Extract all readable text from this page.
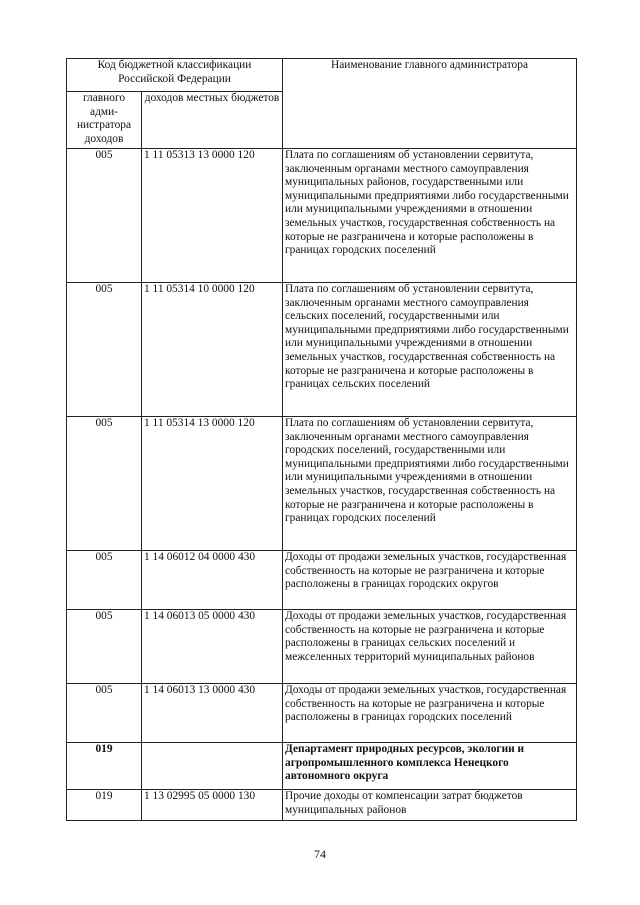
Код бюджетной классификации Российской Федерации		Наименование главного администратора
главного адми-нистратора доходов	доходов местных бюджетов	
005	1 11 05313 13 0000 120	Плата по соглашениям об установлении сервитута, заключенным органами местного самоуправления муниципальных районов, государственными или муниципальными предприятиями либо государственными или муниципальными учреждениями в отношении земельных участков, государственная собственность на которые не разграничена и которые расположены в границах городских поселений
005	1 11 05314 10 0000 120	Плата по соглашениям об установлении сервитута, заключенным органами местного самоуправления сельских поселений, государственными или муниципальными предприятиями либо государственными или муниципальными учреждениями в отношении земельных участков, государственная собственность на которые не разграничена и которые расположены в границах сельских поселений
005	1 11 05314 13 0000 120	Плата по соглашениям об установлении сервитута, заключенным органами местного самоуправления городских поселений, государственными или муниципальными предприятиями либо государственными или муниципальными учреждениями в отношении земельных участков, государственная собственность на которые не разграничена и которые расположены в границах городских поселений
005	1 14 06012 04 0000 430	Доходы от продажи земельных участков, государственная собственность на которые не разграничена и которые расположены в границах городских округов
005	1 14 06013 05 0000 430	Доходы от продажи земельных участков, государственная собственность на которые не разграничена и которые расположены в границах сельских поселений и межселенных территорий муниципальных районов
005	1 14 06013 13 0000 430	Доходы от продажи земельных участков, государственная собственность на которые не разграничена и которые расположены в границах городских поселений
019		Департамент природных ресурсов, экологии и агропромышленного комплекса Ненецкого автономного округа
019	1 13 02995 05 0000 130	Прочие доходы от компенсации затрат бюджетов муниципальных районов
74
